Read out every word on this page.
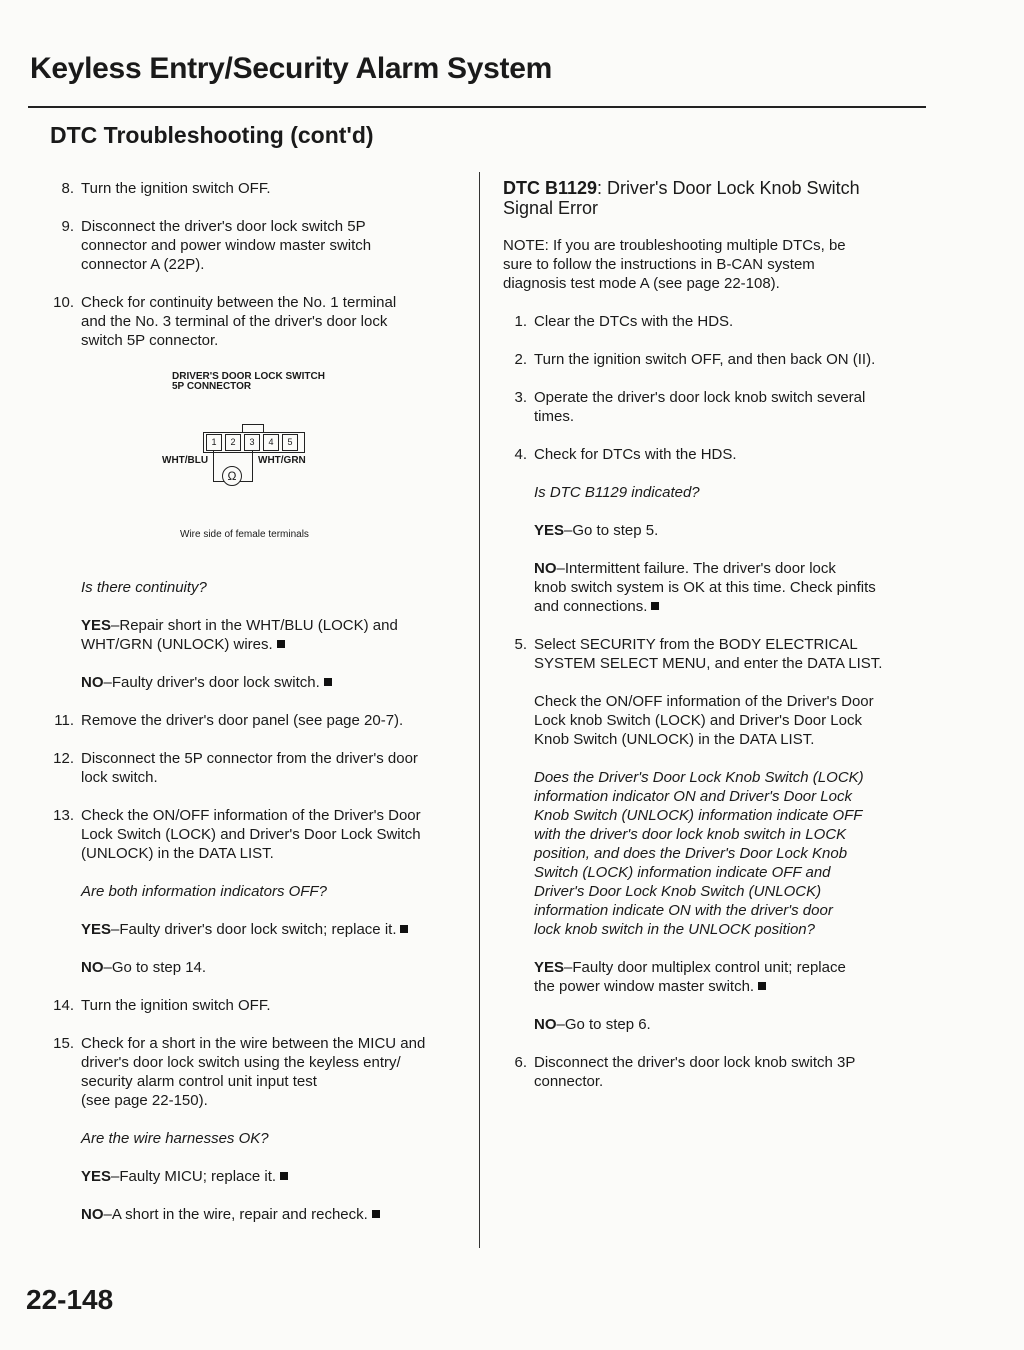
Keyless Entry/Security Alarm System
DTC Troubleshooting (cont'd)
8. Turn the ignition switch OFF.
9. Disconnect the driver's door lock switch 5P
connector and power window master switch
connector A (22P).
10. Check for continuity between the No. 1 terminal
and the No. 3 terminal of the driver's door lock
switch 5P connector.
DRIVER'S DOOR LOCK SWITCH
5P CONNECTOR
1	2	3	4	5
Ω
WHT/BLU	WHT/GRN
Wire side of female terminals
Is there continuity?
YES–Repair short in the WHT/BLU (LOCK) and
WHT/GRN (UNLOCK) wires.
NO–Faulty driver's door lock switch.
11. Remove the driver's door panel (see page 20-7).
12. Disconnect the 5P connector from the driver's door
lock switch.
13. Check the ON/OFF information of the Driver's Door
Lock Switch (LOCK) and Driver's Door Lock Switch
(UNLOCK) in the DATA LIST.
Are both information indicators OFF?
YES–Faulty driver's door lock switch; replace it.
NO–Go to step 14.
14. Turn the ignition switch OFF.
15. Check for a short in the wire between the MICU and
driver's door lock switch using the keyless entry/
security alarm control unit input test
(see page 22-150).
Are the wire harnesses OK?
YES–Faulty MICU; replace it.
NO–A short in the wire, repair and recheck.
DTC B1129: Driver's Door Lock Knob Switch
Signal Error
NOTE: If you are troubleshooting multiple DTCs, be
sure to follow the instructions in B-CAN system
diagnosis test mode A (see page 22-108).
1. Clear the DTCs with the HDS.
2. Turn the ignition switch OFF, and then back ON (II).
3. Operate the driver's door lock knob switch several
times.
4. Check for DTCs with the HDS.
Is DTC B1129 indicated?
YES–Go to step 5.
NO–Intermittent failure. The driver's door lock
knob switch system is OK at this time. Check pinfits
and connections.
5. Select SECURITY from the BODY ELECTRICAL
SYSTEM SELECT MENU, and enter the DATA LIST.
Check the ON/OFF information of the Driver's Door
Lock knob Switch (LOCK) and Driver's Door Lock
Knob Switch (UNLOCK) in the DATA LIST.
Does the Driver's Door Lock Knob Switch (LOCK)
information indicator ON and Driver's Door Lock
Knob Switch (UNLOCK) information indicate OFF
with the driver's door lock knob switch in LOCK
position, and does the Driver's Door Lock Knob
Switch (LOCK) information indicate OFF and
Driver's Door Lock Knob Switch (UNLOCK)
information indicate ON with the driver's door
lock knob switch in the UNLOCK position?
YES–Faulty door multiplex control unit; replace
the power window master switch.
NO–Go to step 6.
6. Disconnect the driver's door lock knob switch 3P
connector.
22-148
